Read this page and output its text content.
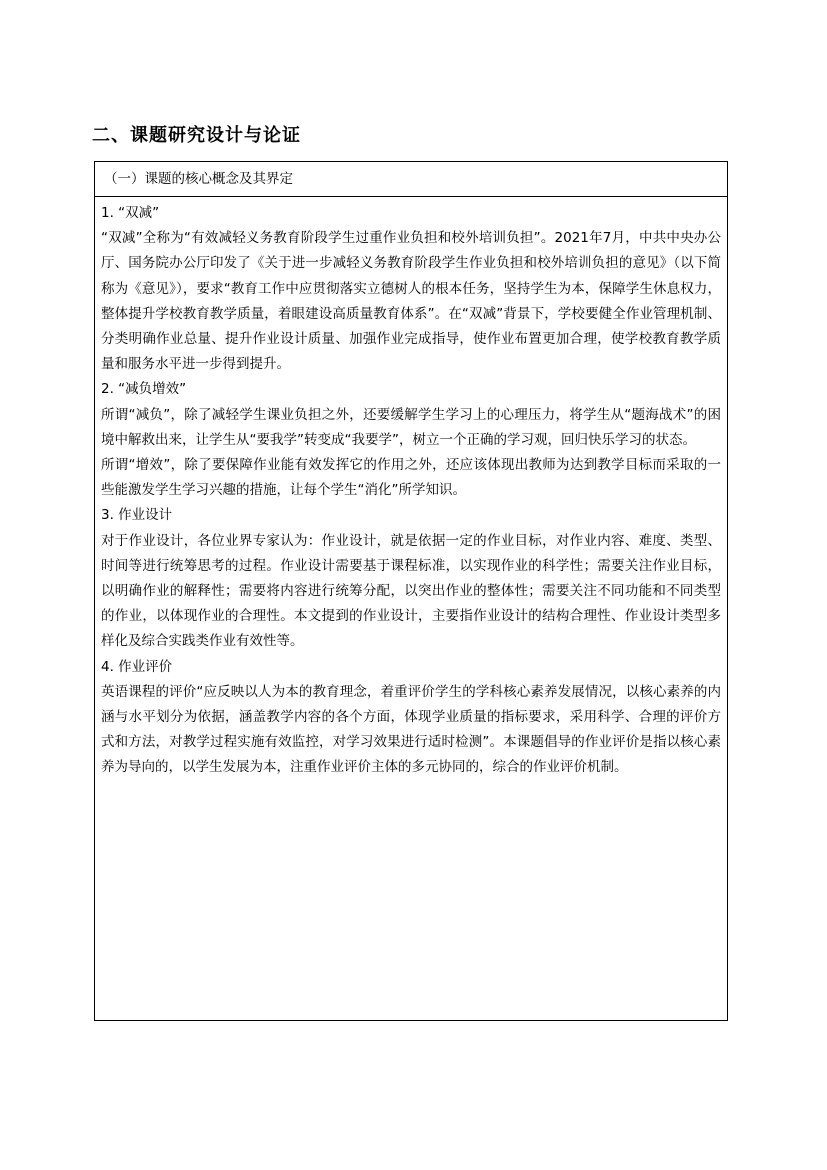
二、课题研究设计与论证
（一）课题的核心概念及其界定
1. “双减”

“双减”全称为“有效减轻义务教育阶段学生过重作业负担和校外培训负担”。2021年7月，中共中央办公厅、国务院办公厅印发了《关于进一步减轻义务教育阶段学生作业负担和校外培训负担的意见》（以下简称为《意见》），要求“教育工作中应贯彻落实立德树人的根本任务，坚持学生为本，保障学生休息权力，整体提升学校教育教学质量，着眼建设高质量教育体系”。在“双减”背景下，学校要健全作业管理机制、分类明确作业总量、提升作业设计质量、加强作业完成指导，使作业布置更加合理，使学校教育教学质量和服务水平进一步得到提升。

2. “减负增效”

所谓“减负”，除了减轻学生课业负担之外，还要缓解学生学习上的心理压力，将学生从“题海战术”的困境中解救出来，让学生从“要我学”转变成“我要学”，树立一个正确的学习观，回归快乐学习的状态。

所谓“增效”，除了要保障作业能有效发挥它的作用之外，还应该体现出教师为达到教学目标而采取的一些能激发学生学习兴趣的措施，让每个学生“消化”所学知识。

3. 作业设计

对于作业设计，各位业界专家认为：作业设计，就是依据一定的作业目标，对作业内容、难度、类型、时间等进行统筹思考的过程。作业设计需要基于课程标准，以实现作业的科学性；需要关注作业目标，以明确作业的解释性；需要将内容进行统筹分配，以突出作业的整体性；需要关注不同功能和不同类型的作业，以体现作业的合理性。本文提到的作业设计，主要指作业设计的结构合理性、作业设计类型多样化及综合实践类作业有效性等。

4. 作业评价

英语课程的评价“应反映以人为本的教育理念，着重评价学生的学科核心素养发展情况，以核心素养的内涵与水平划分为依据，涵盖教学内容的各个方面，体现学业质量的指标要求，采用科学、合理的评价方式和方法，对教学过程实施有效监控，对学习效果进行适时检测”。本课题倡导的作业评价是指以核心素养为导向的，以学生发展为本，注重作业评价主体的多元协同的，综合的作业评价机制。
